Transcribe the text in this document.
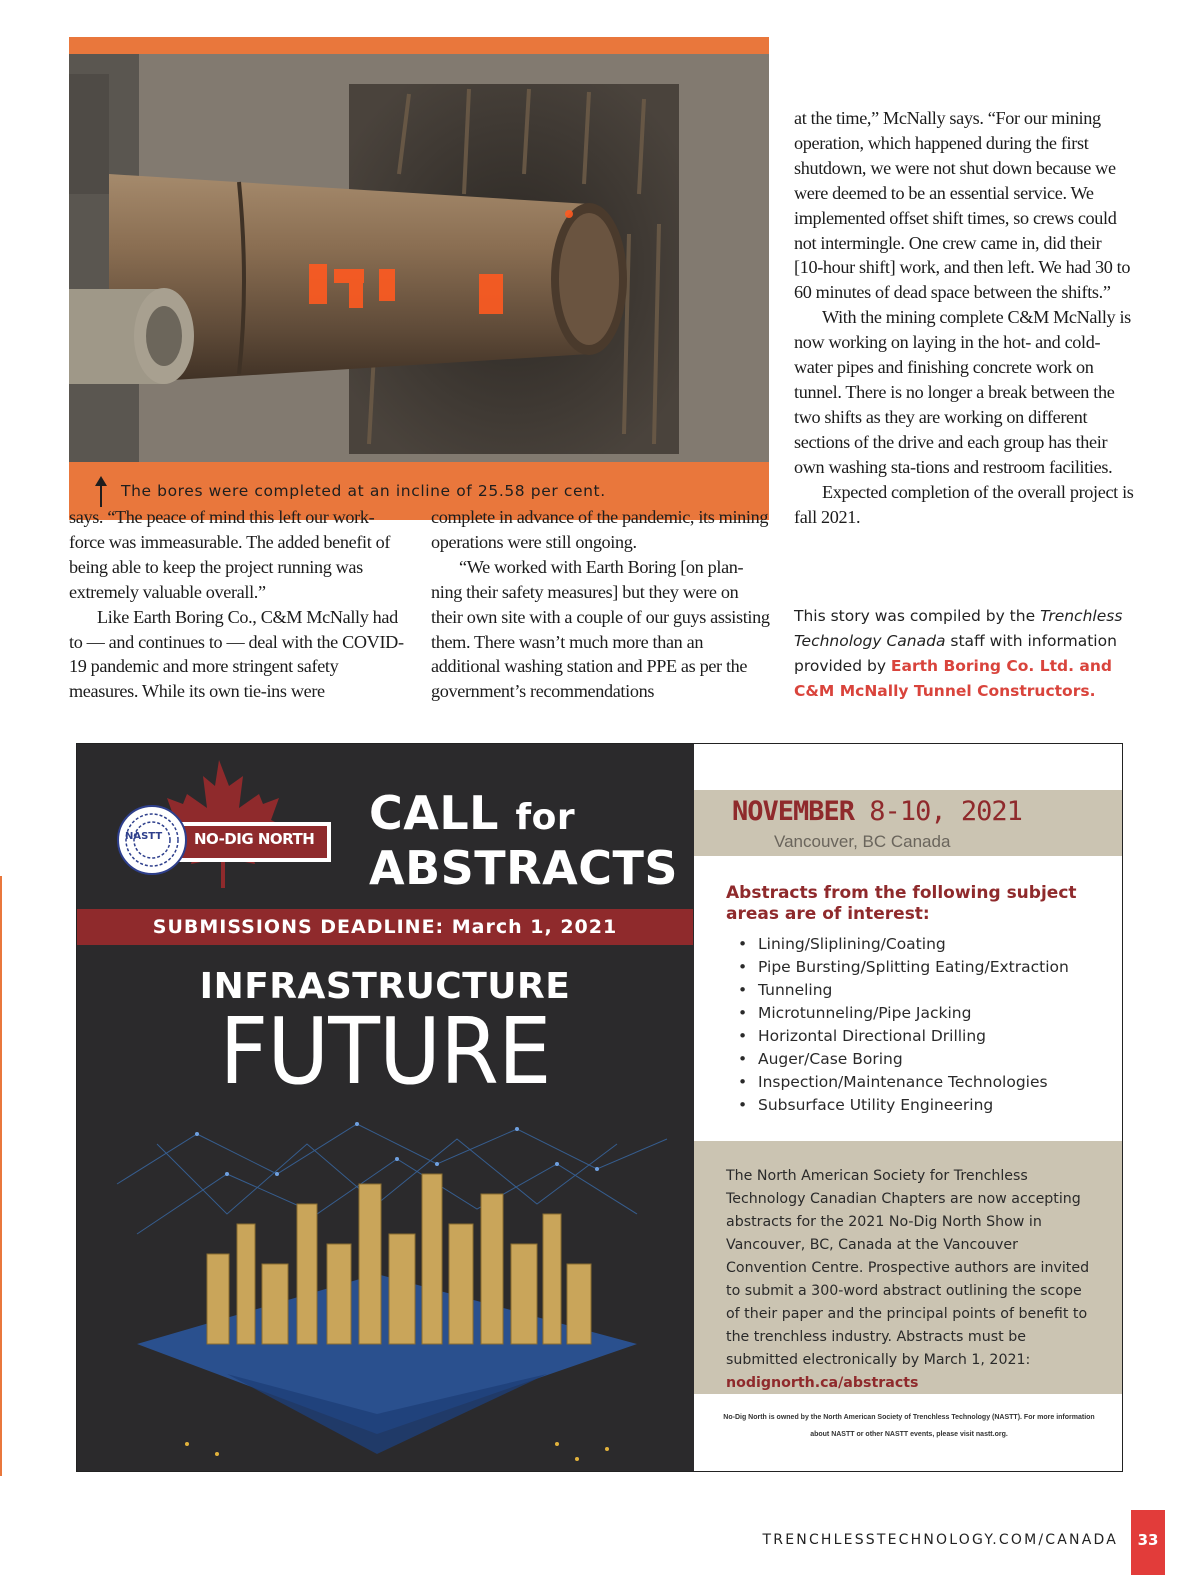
The bores were completed at an incline of 25.58 per cent.

says. “The peace of mind this left our work-force was immeasurable. The added benefit of being able to keep the project running was extremely valuable overall.”

Like Earth Boring Co., C&M McNally had to — and continues to — deal with the COVID-19 pandemic and more stringent safety measures. While its own tie-ins were

complete in advance of the pandemic, its mining operations were still ongoing.

“We worked with Earth Boring [on plan-ning their safety measures] but they were on their own site with a couple of our guys assisting them. There wasn’t much more than an additional washing station and PPE as per the government’s recommendations

at the time,” McNally says. “For our mining operation, which happened during the first shutdown, we were not shut down because we were deemed to be an essential service. We implemented offset shift times, so crews could not intermingle. One crew came in, did their [10-hour shift] work, and then left. We had 30 to 60 minutes of dead space between the shifts.”

With the mining complete C&M McNally is now working on laying in the hot- and cold-water pipes and finishing concrete work on tunnel. There is no longer a break between the two shifts as they are working on different sections of the drive and each group has their own washing sta-tions and restroom facilities.

Expected completion of the overall project is fall 2021.

This story was compiled by the Trenchless Technology Canada staff with information provided by Earth Boring Co. Ltd. and C&M McNally Tunnel Constructors.
NASTT NO-DIG NORTH CALL for
ABSTRACTS
SUBMISSIONS DEADLINE: March 1, 2021
INFRASTRUCTURE
FUTURE
NOVEMBER 8-10, 2021
Vancouver, BC Canada
Abstracts from the following subject areas are of interest:
• Lining/Sliplining/Coating
• Pipe Bursting/Splitting Eating/Extraction
• Tunneling
• Microtunneling/Pipe Jacking
• Horizontal Directional Drilling
• Auger/Case Boring
• Inspection/Maintenance Technologies
• Subsurface Utility Engineering
The North American Society for Trenchless Technology Canadian Chapters are now accepting abstracts for the 2021 No-Dig North Show in Vancouver, BC, Canada at the Vancouver Convention Centre. Prospective authors are invited to submit a 300-word abstract outlining the scope of their paper and the principal points of benefit to the trenchless industry. Abstracts must be submitted electronically by March 1, 2021: nodignorth.ca/abstracts
No-Dig North is owned by the North American Society of Trenchless Technology (NASTT). For more information
about NASTT or other NASTT events, please visit nastt.org.
TRENCHLESSTECHNOLOGY.COM/CANADA	33
